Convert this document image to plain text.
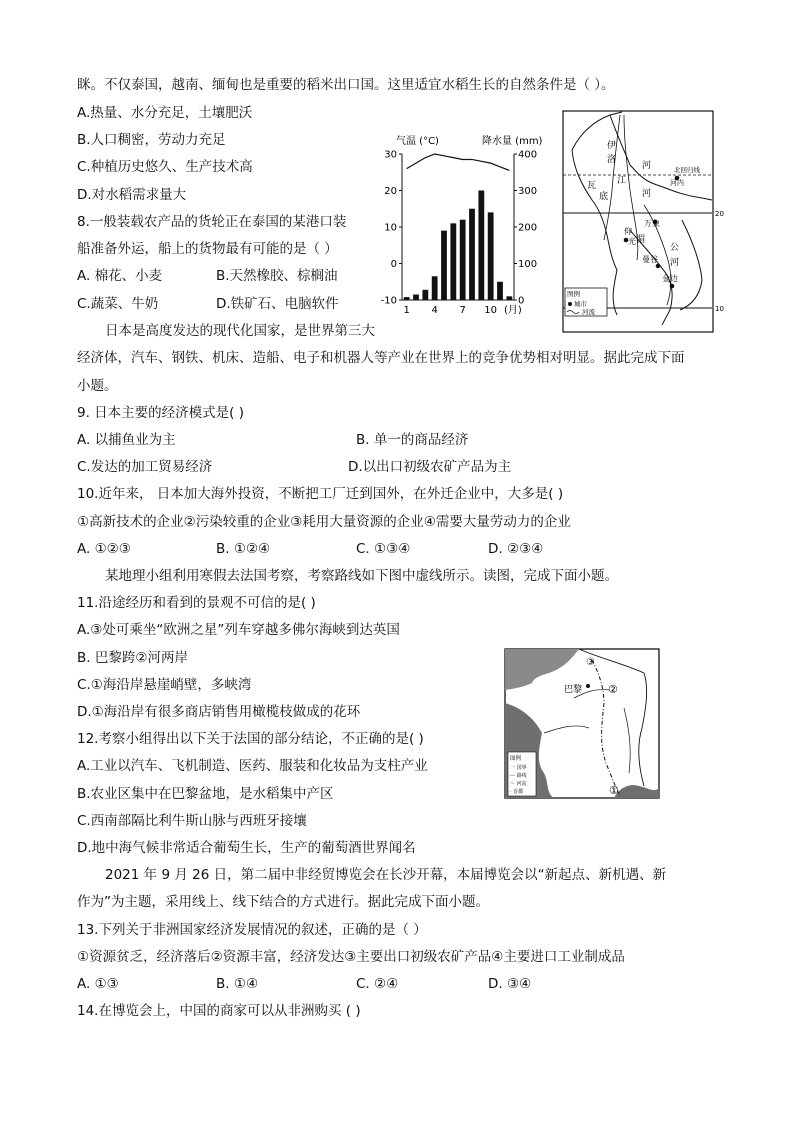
眯。不仅泰国，越南、缅甸也是重要的稻米出口国。这里适宜水稻生长的自然条件是（ ）。
A.热量、水分充足，土壤肥沃
B.人口稠密，劳动力充足
C.种植历史悠久、生产技术高
D.对水稻需求量大
8.一般装载农产品的货轮正在泰国的某港口装
船准备外运，船上的货物最有可能的是（ ）
A. 棉花、小麦	B.天然橡胶、棕榈油
C.蔬菜、牛奶	D.铁矿石、电脑软件
日本是高度发达的现代化国家，是世界第三大
经济体，汽车、钢铁、机床、造船、电子和机器人等产业在世界上的竞争优势相对明显。据此完成下面
小题。
9. 日本主要的经济模式是( )
A. 以捕鱼业为主	B. 单一的商品经济
C.发达的加工贸易经济	D.以出口初级农矿产品为主
10.近年来， 日本加大海外投资，不断把工厂迁到国外，在外迁企业中，大多是( )
①高新技术的企业②污染较重的企业③耗用大量资源的企业④需要大量劳动力的企业
A. ①②③	B. ①②④	C. ①③④	D. ②③④
某地理小组利用寒假去法国考察，考察路线如下图中虚线所示。读图，完成下面小题。
11.沿途经历和看到的景观不可信的是( )
A.③处可乘坐“欧洲之星”列车穿越多佛尔海峡到达英国
B. 巴黎跨②河两岸
C.①海沿岸悬崖峭壁，多峡湾
D.①海沿岸有很多商店销售用橄榄枝做成的花环
12.考察小组得出以下关于法国的部分结论，不正确的是( )
A.工业以汽车、飞机制造、医药、服装和化妆品为支柱产业
B.农业区集中在巴黎盆地，是水稻集中产区
C.西南部隔比利牛斯山脉与西班牙接壤
D.地中海气候非常适合葡萄生长，生产的葡萄酒世界闻名
2021 年 9 月 26 日，第二届中非经贸博览会在长沙开幕，本届博览会以“新起点、新机遇、新
作为”为主题，采用线上、线下结合的方式进行。据此完成下面小题。
13.下列关于非洲国家经济发展情况的叙述，正确的是（ ）
①资源贫乏，经济落后②资源丰富，经济发达③主要出口初级农矿产品④主要进口工业制成品
A. ①③	B. ①④	C. ②④	D. ③④
14.在博览会上，中国的商家可以从非洲购买 ( )
气温 (°C)	降水量 (mm)
30
20
10
0
-10
400
300
200
100
0
1 4 7 10 (月)
伊
洛
瓦
底
江
河
河
北回归线
河内
20
10
万象
仰
光 湄
公
河
曼谷
金边
图例
城市
河流
巴黎
③
②
①
图例
一 国界
-·- 路线
～ 河流
· 首都
